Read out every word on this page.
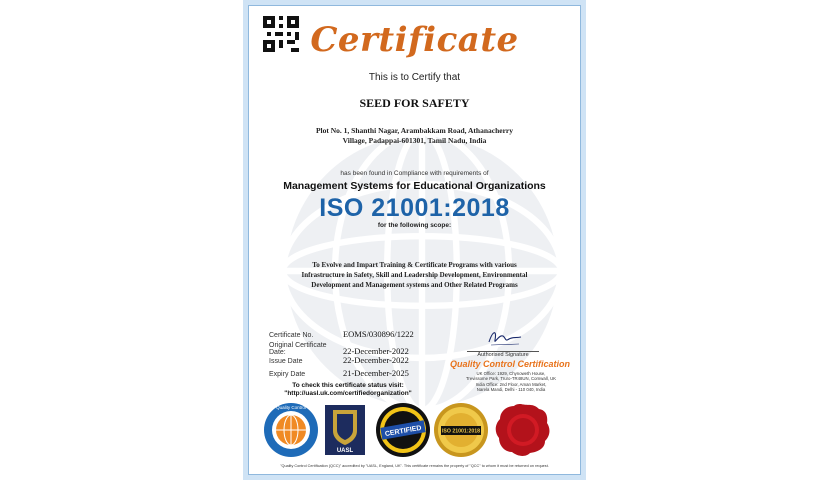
Certificate
This is to Certify that
SEED FOR SAFETY
Plot No. 1, Shanthi Nagar, Arambakkam Road, Athanacherry
Village, Padappai-601301, Tamil Nadu, India
has been found in Compliance with requirements of
Management Systems for Educational Organizations
ISO 21001:2018
for the following scope:
To Evolve and Impart Training & Certificate Programs with various
Infrastructure in Safety, Skill and Leadership Development, Environmental
Development and Management systems and Other Related Programs
Certificate No.	EOMS/030896/1222
Original Certificate Date:	22-December-2022
Issue Date	22-December-2022
Expiry Date	21-December-2025
To check this certificate status visit:
"http://uasl.uk.com/certifiedorganization"
Authorised Signature
Quality Control Certification
UK Office: 1929, Chynoweth House,
Trevissome Park, Truro-TR48UN, Cornwall, UK
India Office: 2nd Floor, Aman Market,
Narela Mandi, Delhi - 110 040, India
Quality Control
UASL
CERTIFIED	ISO 21001:2018
"Quality Control Certification (QCC)" accredited by "UASL, England, UK". This certificate remains the property of "QCC" to whom it must be returned on request.
